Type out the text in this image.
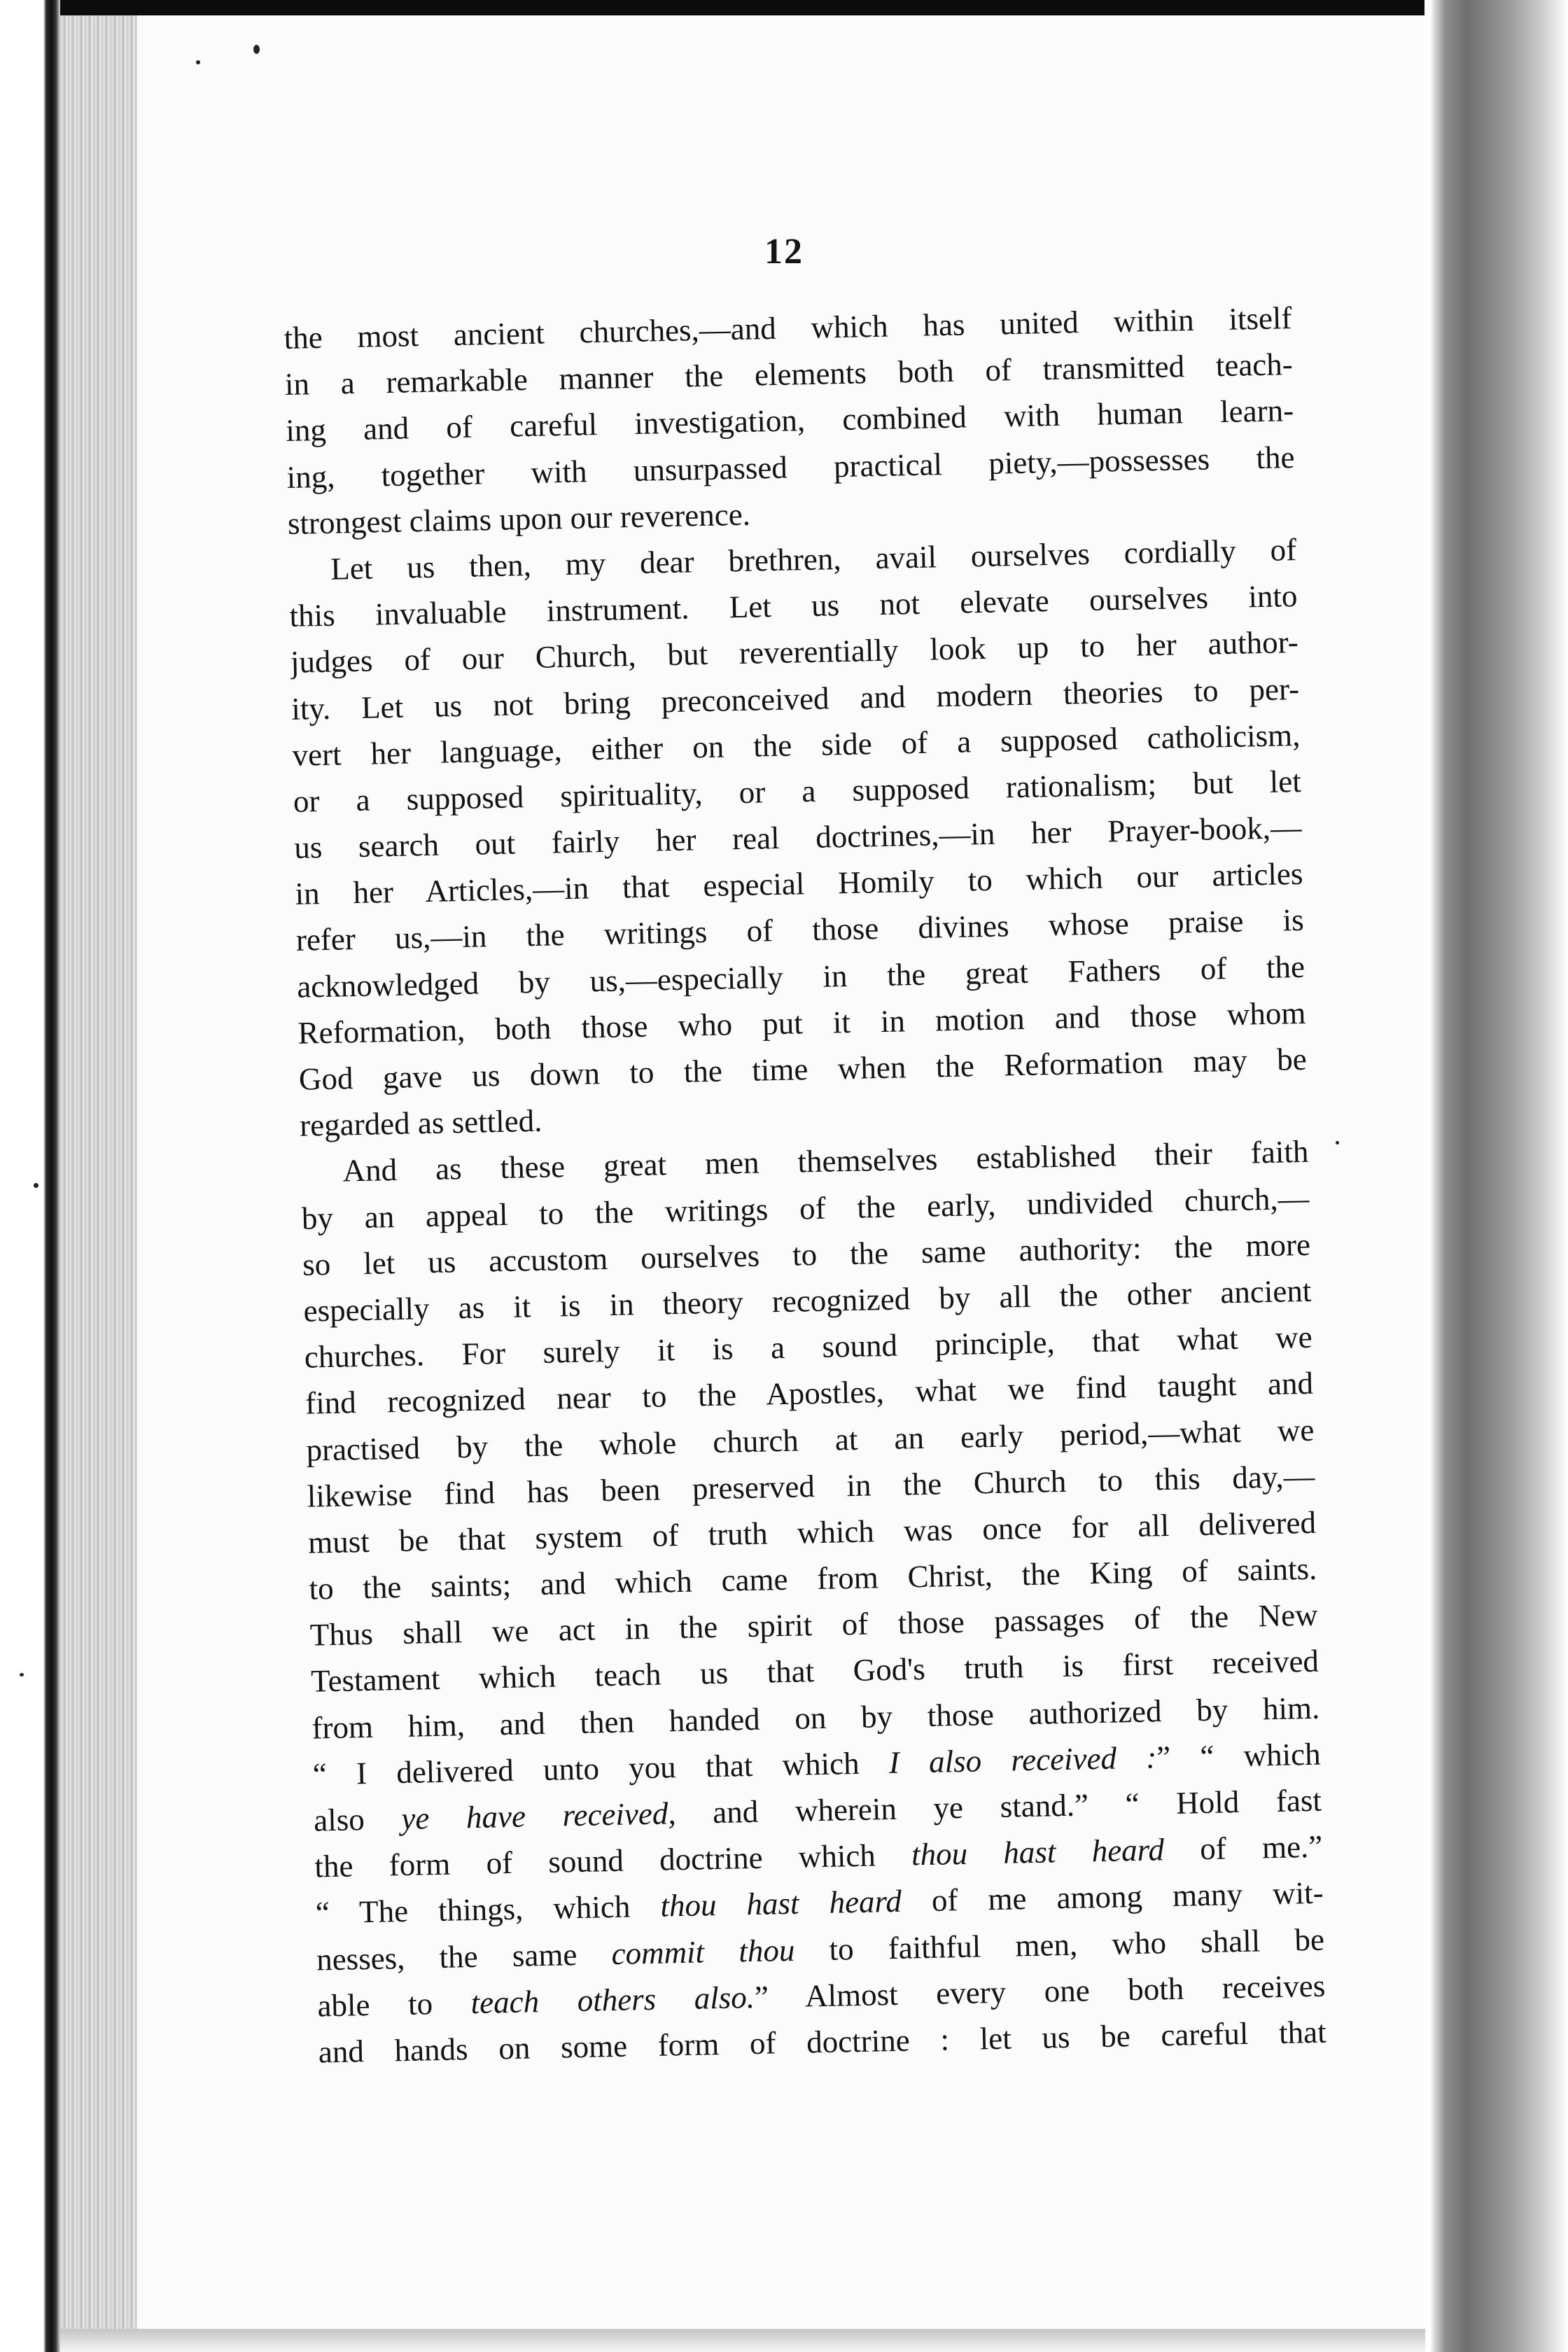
12
the most ancient churches,—and which has united within itself
in a remarkable manner the elements both of transmitted teach-
ing and of careful investigation, combined with human learn-
ing, together with unsurpassed practical piety,—possesses the
strongest claims upon our reverence.
Let us then, my dear brethren, avail ourselves cordially of
this invaluable instrument. Let us not elevate ourselves into
judges of our Church, but reverentially look up to her author-
ity. Let us not bring preconceived and modern theories to per-
vert her language, either on the side of a supposed catholicism,
or a supposed spirituality, or a supposed rationalism; but let
us search out fairly her real doctrines,—in her Prayer-book,—
in her Articles,—in that especial Homily to which our articles
refer us,—in the writings of those divines whose praise is
acknowledged by us,—especially in the great Fathers of the
Reformation, both those who put it in motion and those whom
God gave us down to the time when the Reformation may be
regarded as settled.
And as these great men themselves established their faith
by an appeal to the writings of the early, undivided church,—
so let us accustom ourselves to the same authority: the more
especially as it is in theory recognized by all the other ancient
churches. For surely it is a sound principle, that what we
find recognized near to the Apostles, what we find taught and
practised by the whole church at an early period,—what we
likewise find has been preserved in the Church to this day,—
must be that system of truth which was once for all delivered
to the saints; and which came from Christ, the King of saints.
Thus shall we act in the spirit of those passages of the New
Testament which teach us that God's truth is first received
from him, and then handed on by those authorized by him.
“ I delivered unto you that which I also received :” “ which
also ye have received, and wherein ye stand.” “ Hold fast
the form of sound doctrine which thou hast heard of me.”
“ The things, which thou hast heard of me among many wit-
nesses, the same commit thou to faithful men, who shall be
able to teach others also.” Almost every one both receives
and hands on some form of doctrine : let us be careful that
